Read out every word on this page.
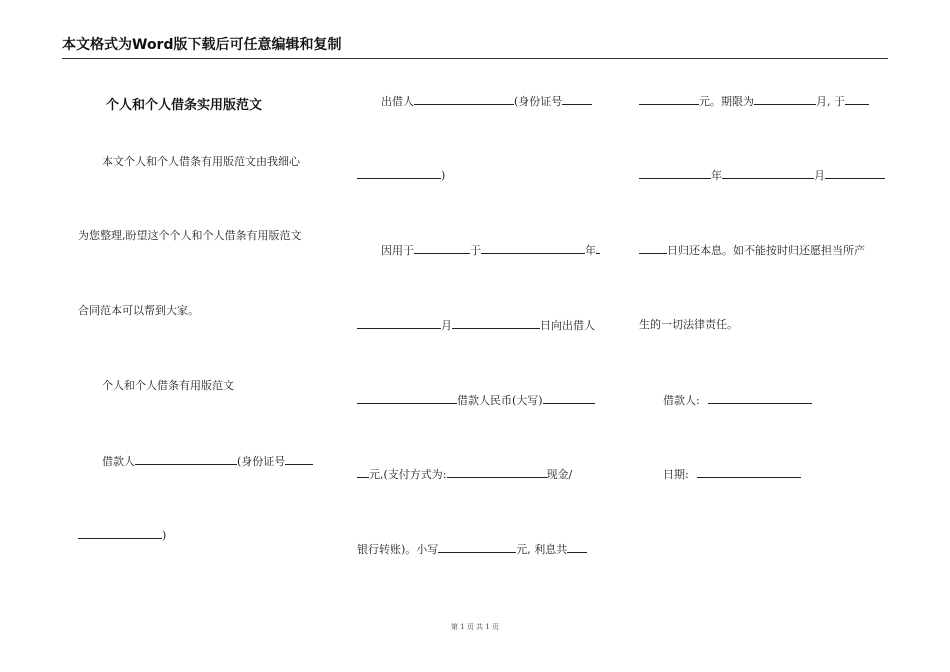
本文格式为Word版下载后可任意编辑和复制
个人和个人借条实用版范文
本文个人和个人借条有用版范文由我细心
为您整理,盼望这个个人和个人借条有用版范文
合同范本可以帮到大家。
个人和个人借条有用版范文
借款人	(身份证号
)
出借人	(身份证号
)
因用于	于	年
月	日向出借人
借款人民币(大写)
元,(支付方式为:	现金/
银行转账)。小写	元, 利息共
元。期限为	月, 于
年	月
日归还本息。如不能按时归还愿担当所产
生的一切法律责任。
借款人:
日期:
第 1 页 共 1 页
